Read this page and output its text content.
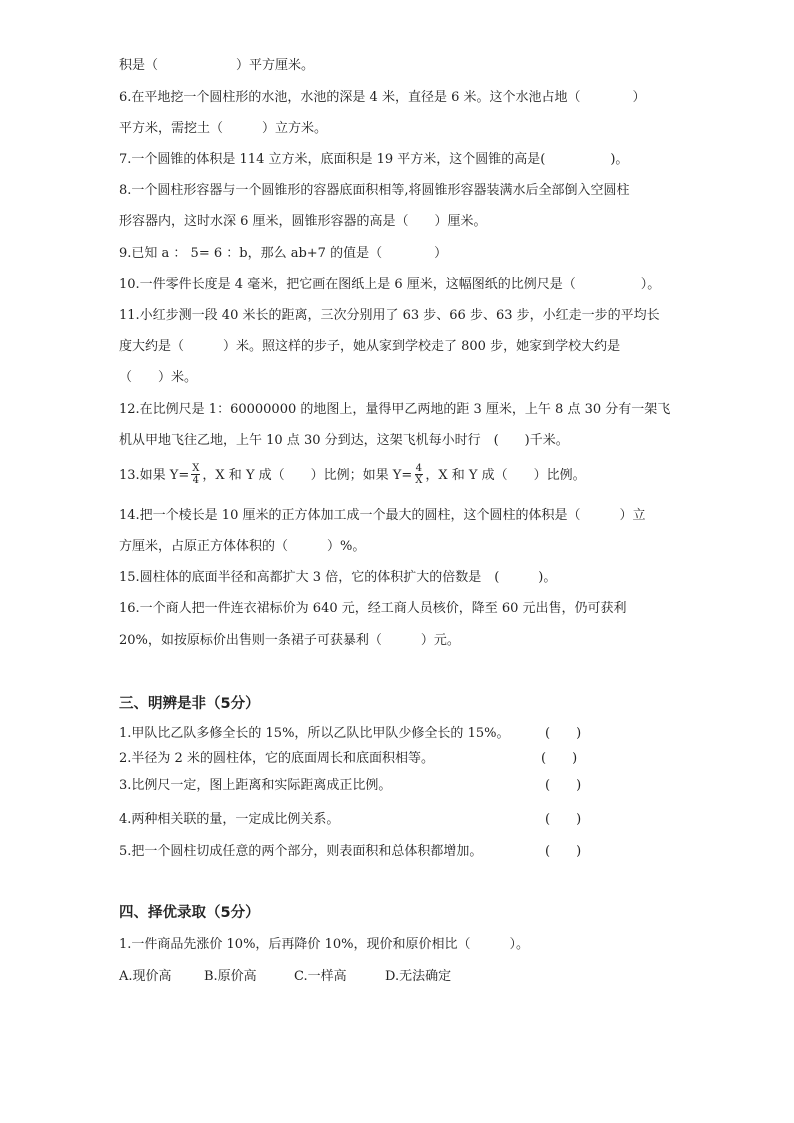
积是（　　　　　　）平方厘米。
6.在平地挖一个圆柱形的水池，水池的深是 4 米，直径是 6 米。这个水池占地（　　　　）
平方米，需挖土（　　　）立方米。
7.一个圆锥的体积是 114 立方米，底面积是 19 平方米，这个圆锥的高是(　　　　　)。
8.一个圆柱形容器与一个圆锥形的容器底面积相等,将圆锥形容器装满水后全部倒入空圆柱
形容器内，这时水深 6 厘米，圆锥形容器的高是（　　）厘米。
9.已知 a ： 5= 6 ：b，那么 ab+7 的值是（　　　　）
10.一件零件长度是 4 毫米，把它画在图纸上是 6 厘米，这幅图纸的比例尺是（　　　　　）。
11.小红步测一段 40 米长的距离，三次分别用了 63 步、66 步、63 步，小红走一步的平均长
度大约是（　　　）米。照这样的步子，她从家到学校走了 800 步，她家到学校大约是
（　　）米。
12.在比例尺是 1：60000000 的地图上，量得甲乙两地的距 3 厘米，上午 8 点 30 分有一架飞
机从甲地飞往乙地，上午 10 点 30 分到达，这架飞机每小时行　(　　)千米。
13.如果 $Y= \frac{X}{4}$ ，X 和 Y 成（　　）比例；如果 $Y= \frac{4}{X}$ ，X 和 Y 成（　　）比例。
14.把一个棱长是 10 厘米的正方体加工成一个最大的圆柱，这个圆柱的体积是（　　　）立
方厘米，占原正方体体积的（　　　）%。
15.圆柱体的底面半径和高都扩大 3 倍，它的体积扩大的倍数是　(　　　)。
16.一个商人把一件连衣裙标价为 640 元，经工商人员核价，降至 60 元出售，仍可获利
20%，如按原标价出售则一条裙子可获暴利（　　　）元。
三、明辨是非（5分）
1.甲队比乙队多修全长的 15%，所以乙队比甲队少修全长的 15%。	(　　)
2.半径为 2 米的圆柱体，它的底面周长和底面积相等。	(　　)
3.比例尺一定，图上距离和实际距离成正比例。	(　　)
4.两种相关联的量，一定成比例关系。	(　　)
5.把一个圆柱切成任意的两个部分，则表面积和总体积都增加。	(　　)
四、择优录取（5分）
1.一件商品先涨价 10%，后再降价 10%，现价和原价相比（　　　）。
A.现价高 B.原价高	C.一样高	D.无法确定
